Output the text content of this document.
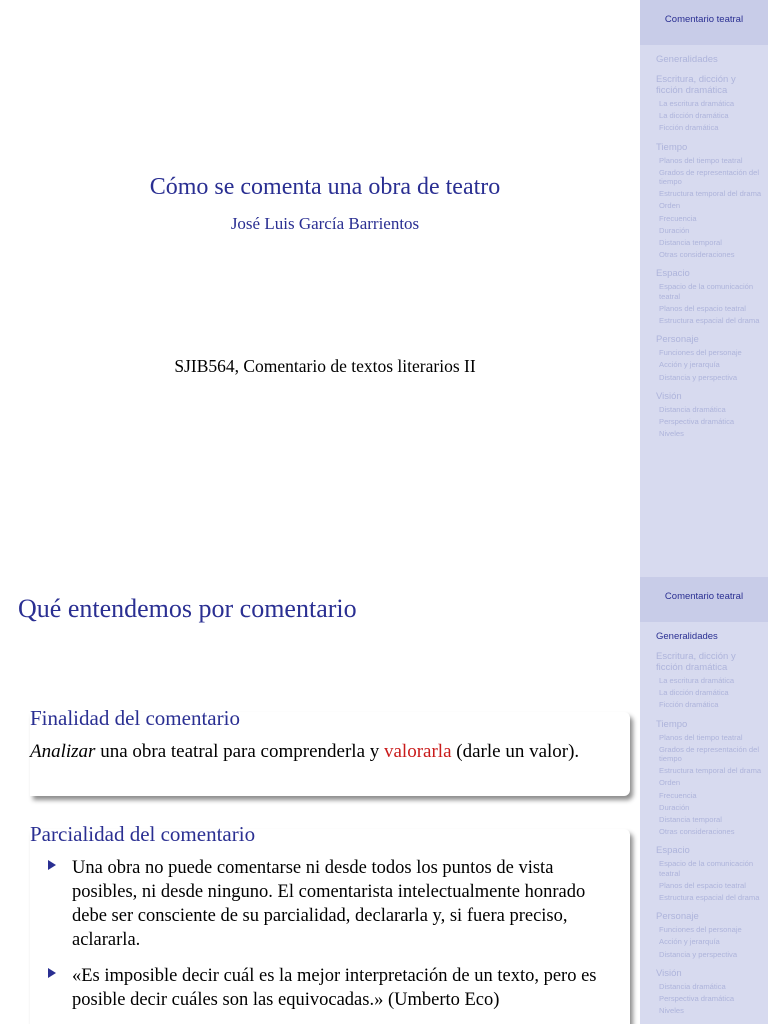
Cómo se comenta una obra de teatro
José Luis García Barrientos
SJIB564, Comentario de textos literarios II
Comentario teatral
Generalidades
Escritura, dicción y ficción dramática
La escritura dramática
La dicción dramática
Ficción dramática
Tiempo
Planos del tiempo teatral
Grados de representación del tiempo
Estructura temporal del drama
Orden
Frecuencia
Duración
Distancia temporal
Otras consideraciones
Espacio
Espacio de la comunicación teatral
Planos del espacio teatral
Estructura espacial del drama
Personaje
Funciones del personaje
Acción y jerarquía
Distancia y perspectiva
Visión
Distancia dramática
Perspectiva dramática
Niveles
Qué entendemos por comentario
Finalidad del comentario
Analizar una obra teatral para comprenderla y valorarla (darle un valor).
Parcialidad del comentario
Una obra no puede comentarse ni desde todos los puntos de vista posibles, ni desde ninguno. El comentarista intelectualmente honrado debe ser consciente de su parcialidad, declararla y, si fuera preciso, aclararla.
«Es imposible decir cuál es la mejor interpretación de un texto, pero es posible decir cuáles son las equivocadas.» (Umberto Eco)
Comentario teatral
Generalidades
Escritura, dicción y ficción dramática
La escritura dramática
La dicción dramática
Ficción dramática
Tiempo
Planos del tiempo teatral
Grados de representación del tiempo
Estructura temporal del drama
Orden
Frecuencia
Duración
Distancia temporal
Otras consideraciones
Espacio
Espacio de la comunicación teatral
Planos del espacio teatral
Estructura espacial del drama
Personaje
Funciones del personaje
Acción y jerarquía
Distancia y perspectiva
Visión
Distancia dramática
Perspectiva dramática
Niveles
